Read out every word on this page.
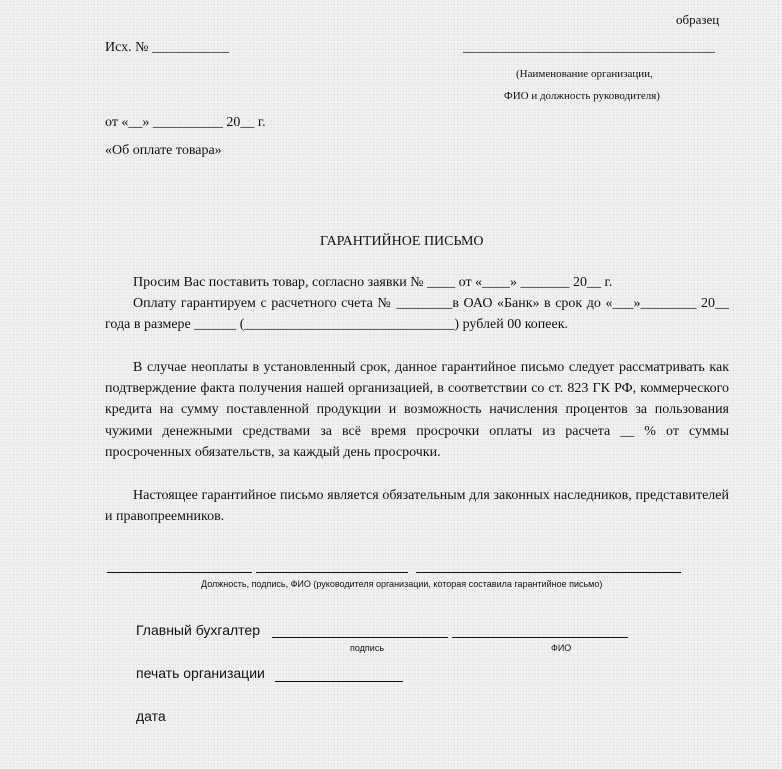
образец
Исх. № ___________	____________________________________
(Наименование организации,
ФИО и должность руководителя)
от «__» __________ 20__ г.
«Об оплате товара»
ГАРАНТИЙНОЕ ПИСЬМО
Просим Вас поставить товар, согласно заявки № ____ от «____» _______ 20__ г.
Оплату гарантируем с расчетного счета № ________в ОАО «Банк» в срок до «___»________ 20__ года в размере ______ (______________________________) рублей 00 копеек.
В случае неоплаты в установленный срок, данное гарантийное письмо следует рассматривать как подтверждение факта получения нашей организацией, в соответствии со ст. 823 ГК РФ, коммерческого кредита на сумму поставленной продукции и возможность начисления процентов за пользования чужими денежными средствами за всё время просрочки оплаты из расчета __ % от суммы просроченных обязательств, за каждый день просрочки.
Настоящее гарантийное письмо является обязательным для законных наследников, представителей и правопреемников.
Должность, подпись, ФИО (руководителя организации, которая составила гарантийное письмо)
Главный бухгалтер
подпись	ФИО
печать организации
дата
